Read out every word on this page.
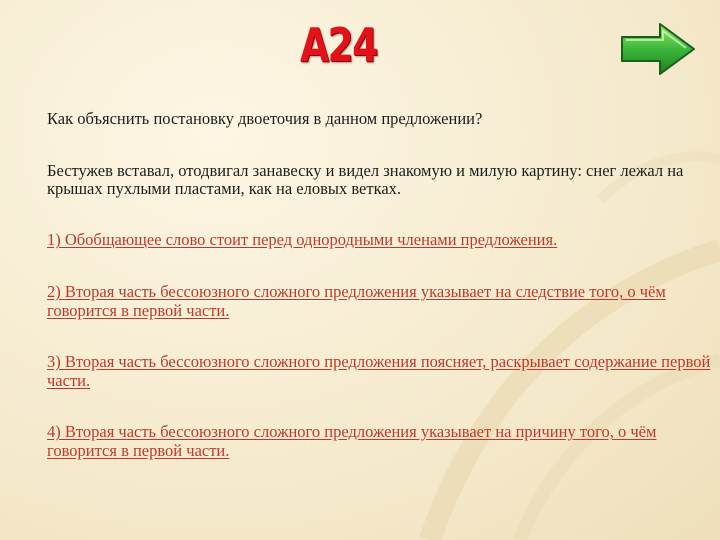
А24
Как объяснить постановку двоеточия в данном предложении?
Бестужев вставал, отодвигал занавеску и видел знакомую и милую картину: снег лежал на крышах пухлыми пластами, как на еловых ветках.
1) Обобщающее слово стоит перед однородными членами предложения.
2) Вторая часть бессоюзного сложного предложения указывает на следствие того, о чём говорится в первой части.
3) Вторая часть бессоюзного сложного предложения поясняет, раскрывает содержание первой части.
4) Вторая часть бессоюзного сложного предложения указывает на причину того, о чём говорится в первой части.
